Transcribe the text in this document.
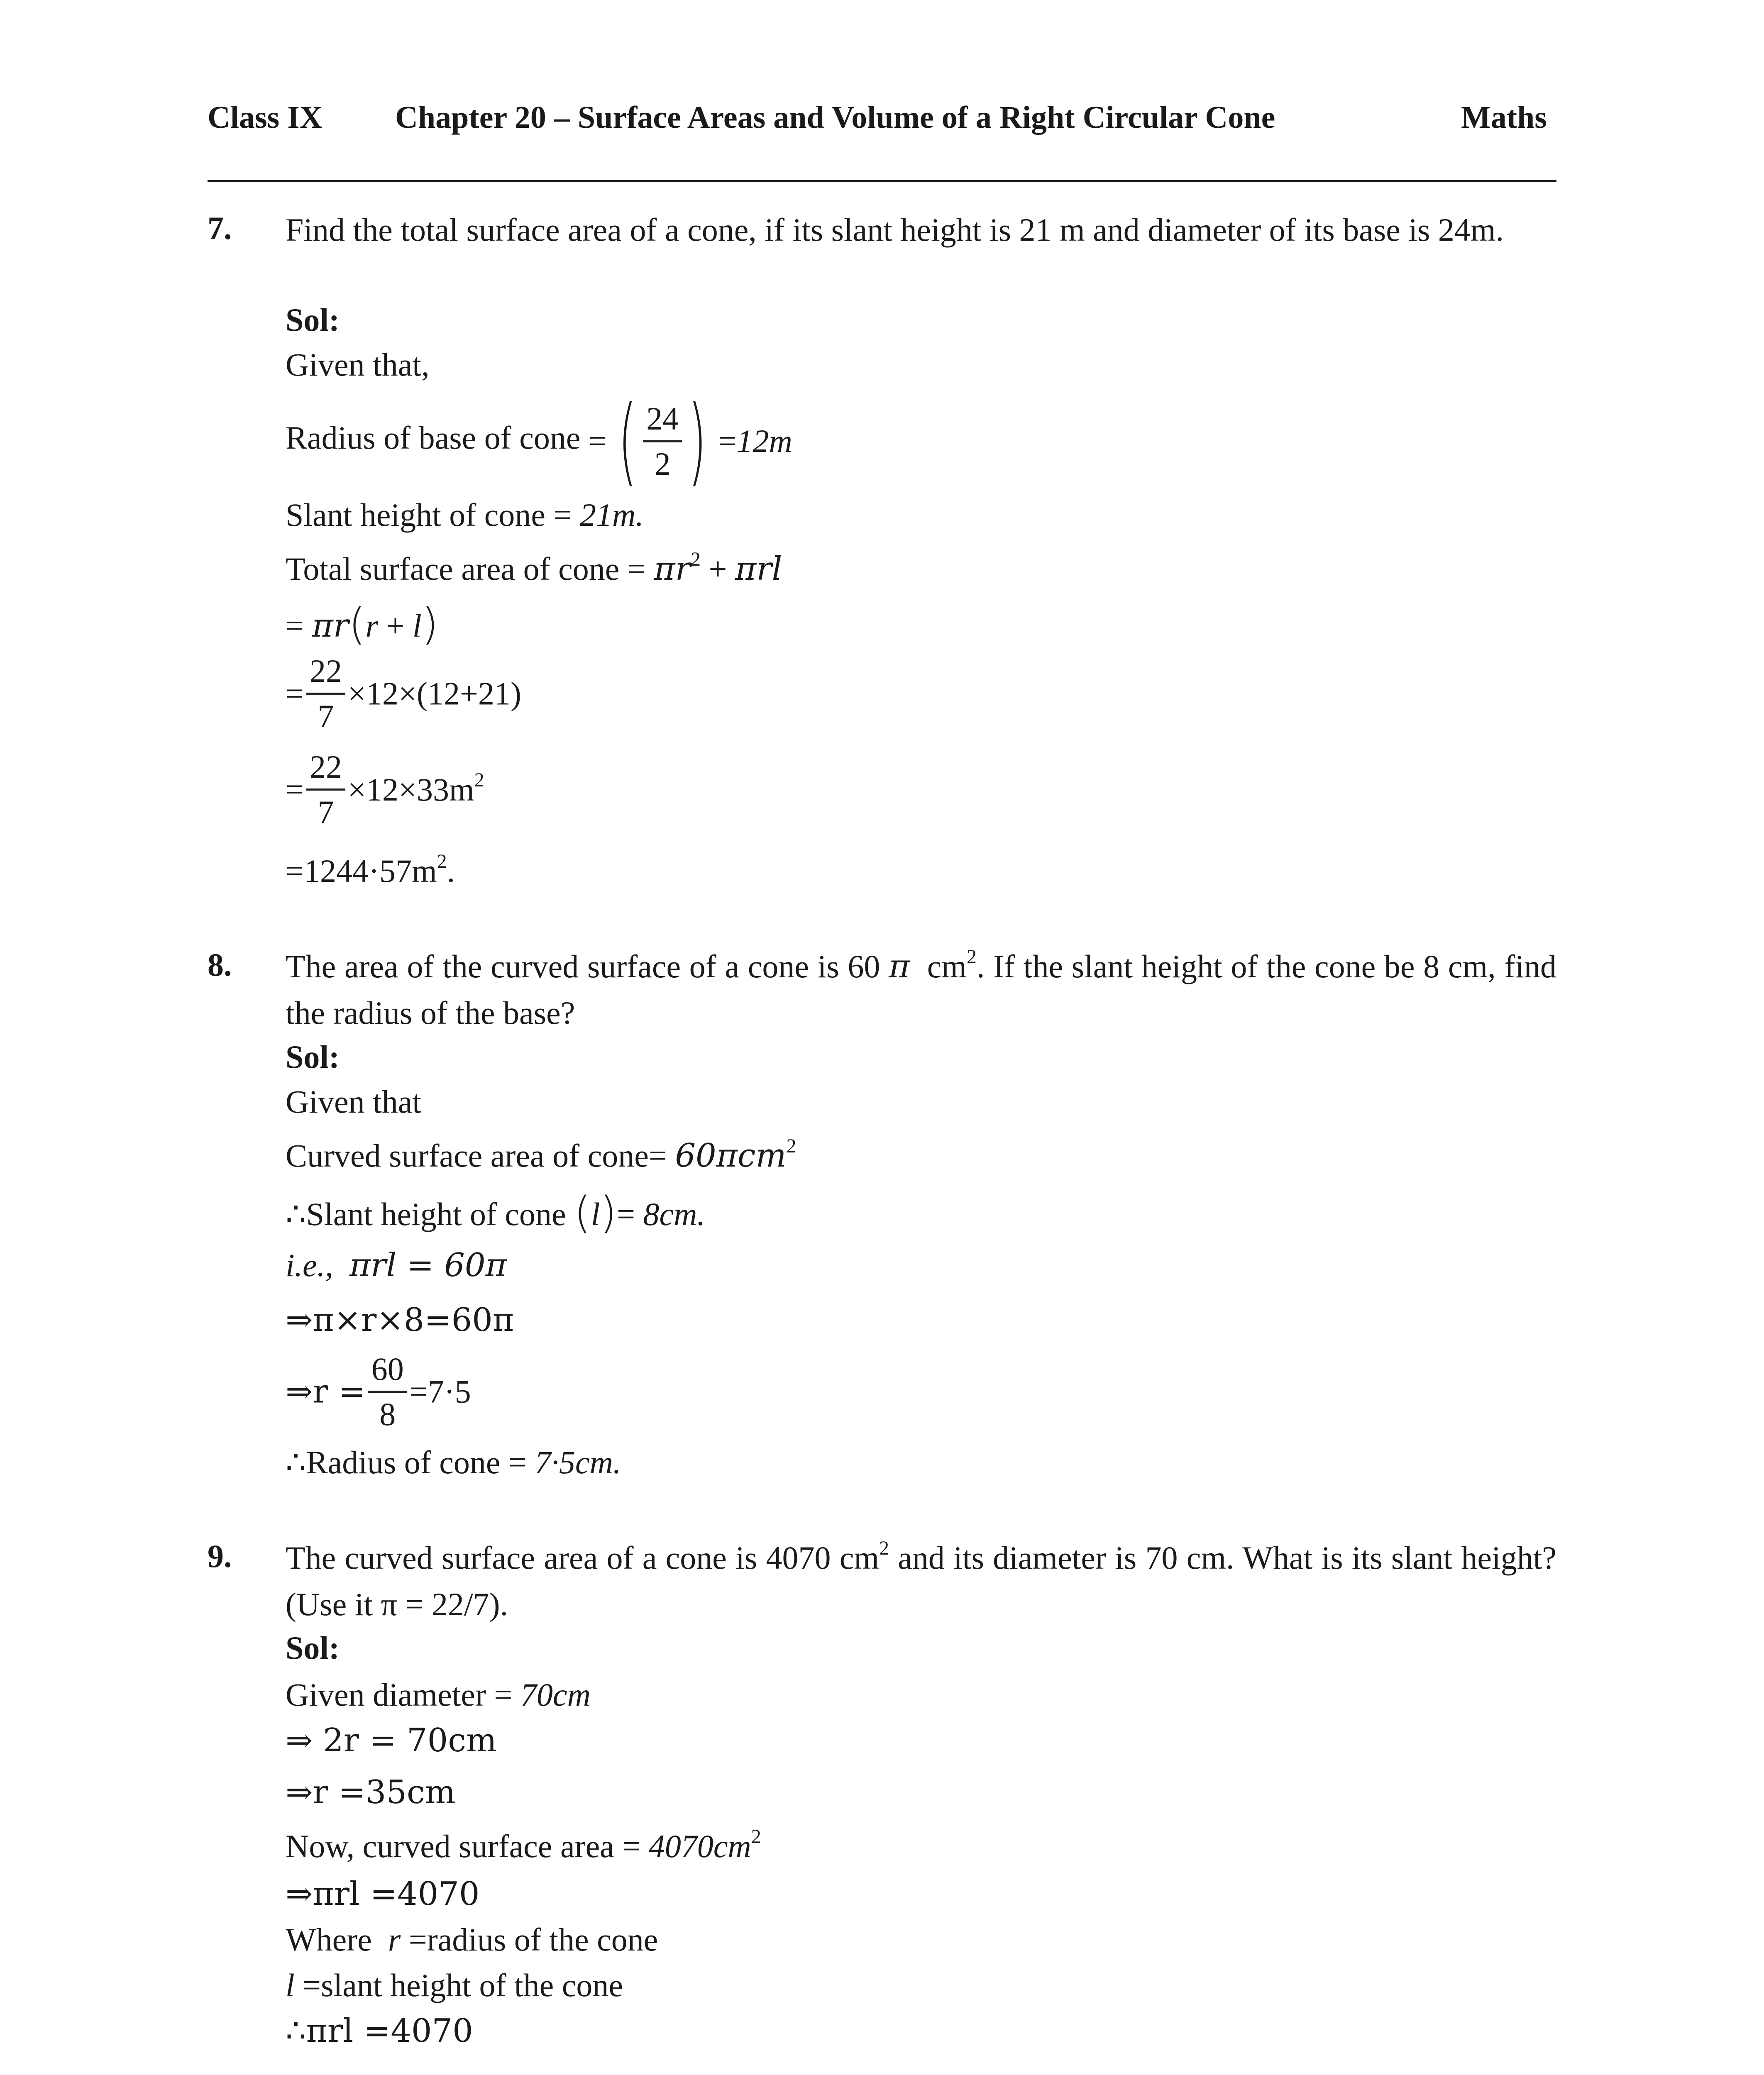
Class IX Chapter 20 – Surface Areas and Volume of a Right Circular Cone	Maths
7. Find the total surface area of a cone, if its slant height is 21 m and diameter of its base is 24m.
Sol:
Given that,
Radius of base of cone = ( $\frac{24}{2}$ ) =12m
Slant height of cone = 21m.
Total surface area of cone = $\pi r^2 + \pi rl$
= πr(r + l)
= $\frac{22}{7} \times 12\times(12+21)$
= $\frac{22}{7} \times 12\times 33m^2$
$=1244\cdot 57m^2$.
8. The area of the curved surface of a cone is 60 π $cm^2$. If the slant height of the cone be 8 cm, find the radius of the base?
Sol:
Given that
Curved surface area of cone= 60πcm$^2$
∴Slant height of cone (l)= 8cm.
i.e., πrl = 60π
⇒π×r×8=60π
⇒r = $\frac{60}{8} =7\cdot 5$
∴Radius of cone = 7·5cm.
9. The curved surface area of a cone is 4070 $cm^2$ and its diameter is 70 cm. What is its slant height? (Use it π = 22/7).
Sol:
Given diameter = 70cm
⇒ 2r = 70cm
⇒r =35cm
Now, curved surface area = $4070cm^2$
⇒πrl =4070
Where r =radius of the cone
l =slant height of the cone
∴πrl =4070
